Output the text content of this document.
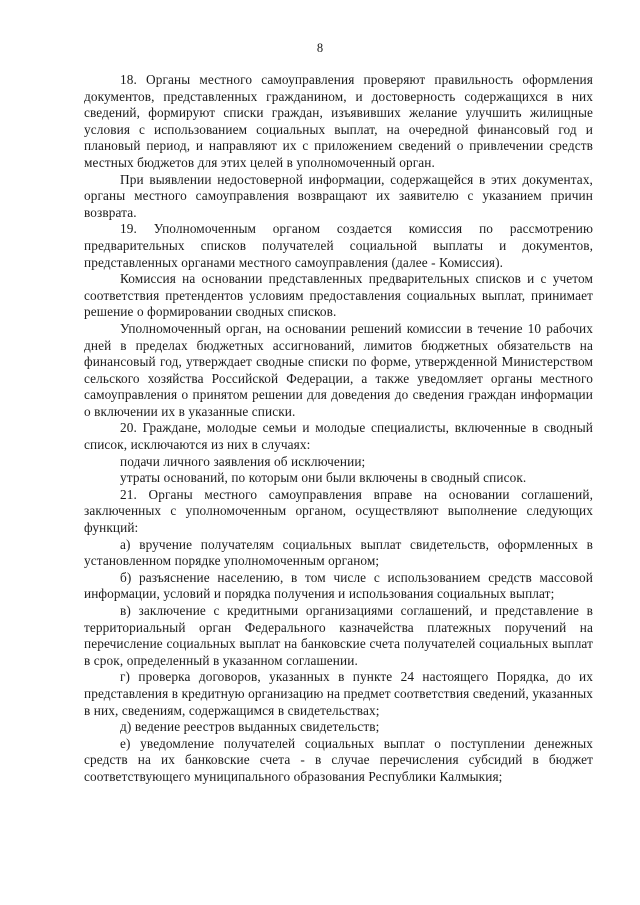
8

18. Органы местного самоуправления проверяют правильность оформления документов, представленных гражданином, и достоверность содержащихся в них сведений, формируют списки граждан, изъявивших желание улучшить жилищные условия с использованием социальных выплат, на очередной финансовый год и плановый период, и направляют их с приложением сведений о привлечении средств местных бюджетов для этих целей в уполномоченный орган.

При выявлении недостоверной информации, содержащейся в этих документах, органы местного самоуправления возвращают их заявителю с указанием причин возврата.

19. Уполномоченным органом создается комиссия по рассмотрению предварительных списков получателей социальной выплаты и документов, представленных органами местного самоуправления (далее - Комиссия).

Комиссия на основании представленных предварительных списков и с учетом соответствия претендентов условиям предоставления социальных выплат, принимает решение о формировании сводных списков.

Уполномоченный орган, на основании решений комиссии в течение 10 рабочих дней в пределах бюджетных ассигнований, лимитов бюджетных обязательств на финансовый год, утверждает сводные списки по форме, утвержденной Министерством сельского хозяйства Российской Федерации, а также уведомляет органы местного самоуправления о принятом решении для доведения до сведения граждан информации о включении их в указанные списки.

20. Граждане, молодые семьи и молодые специалисты, включенные в сводный список, исключаются из них в случаях:

подачи личного заявления об исключении;

утраты оснований, по которым они были включены в сводный список.

21. Органы местного самоуправления вправе на основании соглашений, заключенных с уполномоченным органом, осуществляют выполнение следующих функций:

а) вручение получателям социальных выплат свидетельств, оформленных в установленном порядке уполномоченным органом;

б) разъяснение населению, в том числе с использованием средств массовой информации, условий и порядка получения и использования социальных выплат;

в) заключение с кредитными организациями соглашений, и представление в территориальный орган Федерального казначейства платежных поручений на перечисление социальных выплат на банковские счета получателей социальных выплат в срок, определенный в указанном соглашении.

г) проверка договоров, указанных в пункте 24 настоящего Порядка, до их представления в кредитную организацию на предмет соответствия сведений, указанных в них, сведениям, содержащимся в свидетельствах;

д) ведение реестров выданных свидетельств;

е) уведомление получателей социальных выплат о поступлении денежных средств на их банковские счета - в случае перечисления субсидий в бюджет соответствующего муниципального образования Республики Калмыкия;
